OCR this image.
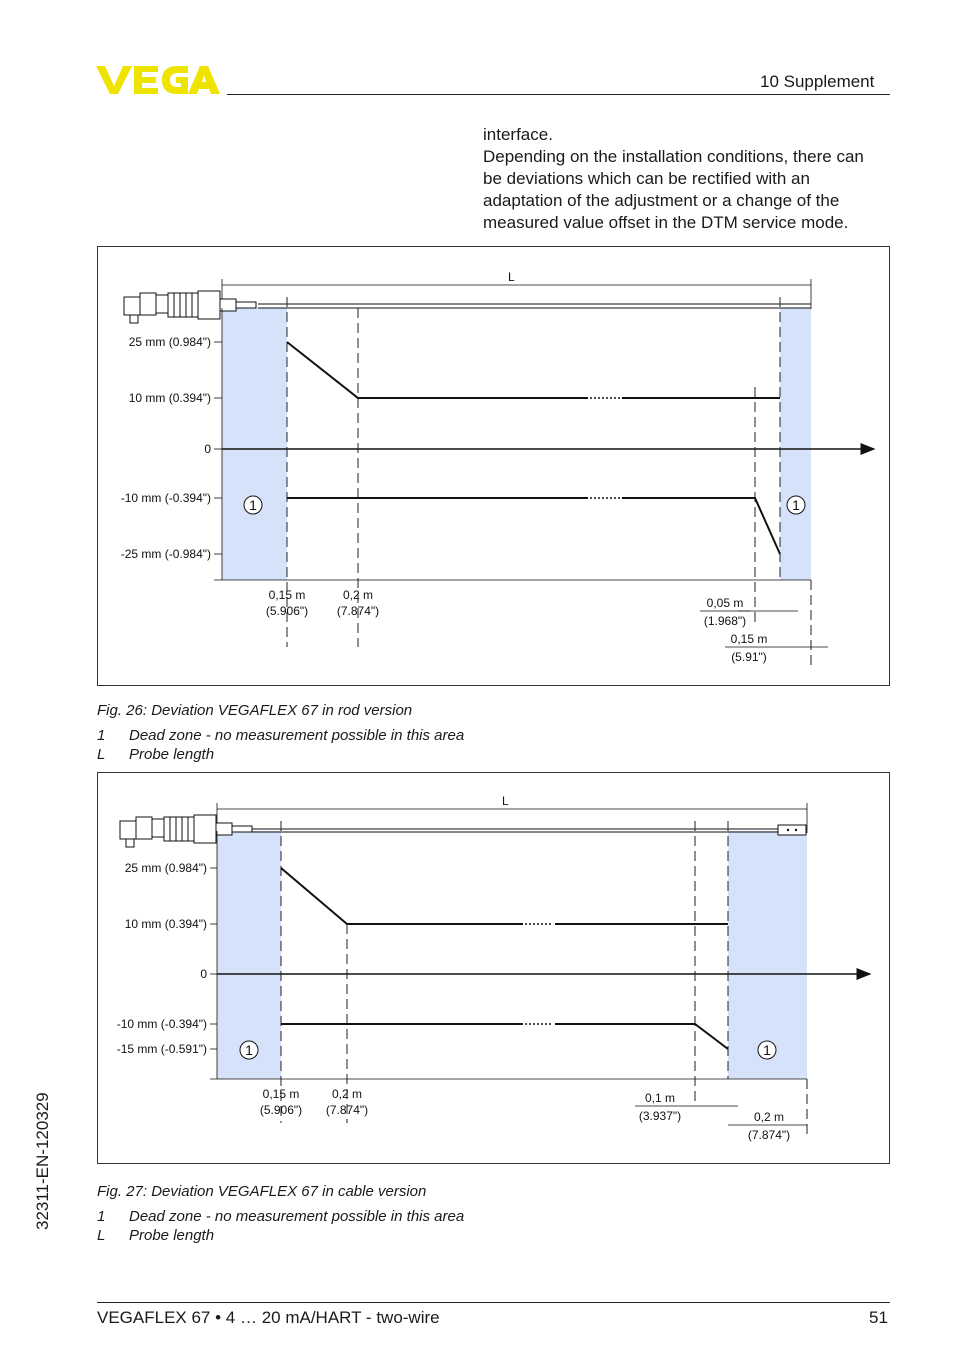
10 Supplement
interface.
Depending on the installation conditions, there can
be deviations which can be rectified with an
adaptation of the adjustment or a change of the
measured value offset in the DTM service mode.
L
25 mm (0.984")
10 mm (0.394")
0
-10 mm (-0.394")
-25 mm (-0.984")
1	1
0,15 m
(5.906")
0,2 m
(7.874")
0,05 m
(1.968")
0,15 m
(5.91")
Fig. 26: Deviation VEGAFLEX 67 in rod version
1 Dead zone - no measurement possible in this area
L Probe length
L
25 mm (0.984")
10 mm (0.394")
0
-10 mm (-0.394")
-15 mm (-0.591")	1	1
0,15 m
(5.906")
0,2 m
(7.874")
0,1 m
(3.937")	0,2 m
(7.874")
Fig. 27: Deviation VEGAFLEX 67 in cable version
1 Dead zone - no measurement possible in this area
L Probe length
32311-EN-120329
VEGAFLEX 67 • 4 … 20 mA/HART - two-wire	51
